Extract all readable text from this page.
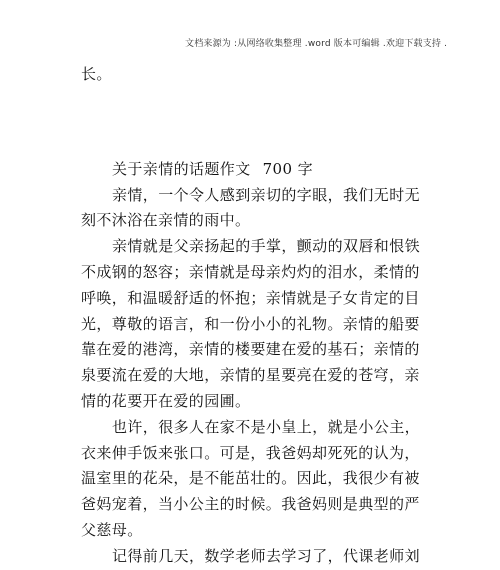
文档来源为 :从网络收集整理 .word 版本可编辑 .欢迎下载支持 .
长。
关于亲情的话题作文 700 字
亲情，一个令人感到亲切的字眼，我们无时无
刻不沐浴在亲情的雨中。
亲情就是父亲扬起的手掌，颤动的双唇和恨铁
不成钢的怒容；亲情就是母亲灼灼的泪水，柔情的
呼唤，和温暖舒适的怀抱；亲情就是子女肯定的目
光，尊敬的语言，和一份小小的礼物。亲情的船要
靠在爱的港湾，亲情的楼要建在爱的基石；亲情的
泉要流在爱的大地，亲情的星要亮在爱的苍穹，亲
情的花要开在爱的园圃。
也许，很多人在家不是小皇上，就是小公主，
衣来伸手饭来张口。可是，我爸妈却死死的认为，
温室里的花朵，是不能茁壮的。因此，我很少有被
爸妈宠着，当小公主的时候。我爸妈则是典型的严
父慈母。
记得前几天，数学老师去学习了，代课老师刘
